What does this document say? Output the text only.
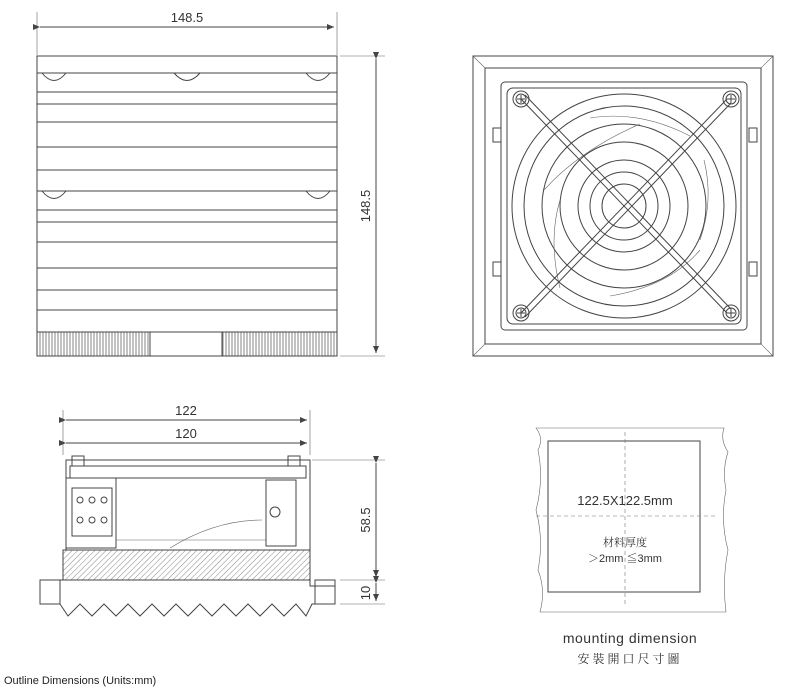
148.5
148.5
122
120
58.5
10
122.5X122.5mm
材料厚度
＞2mm ≦3mm
mounting dimension
安裝開口尺寸圖
Outline Dimensions (Units:mm)
